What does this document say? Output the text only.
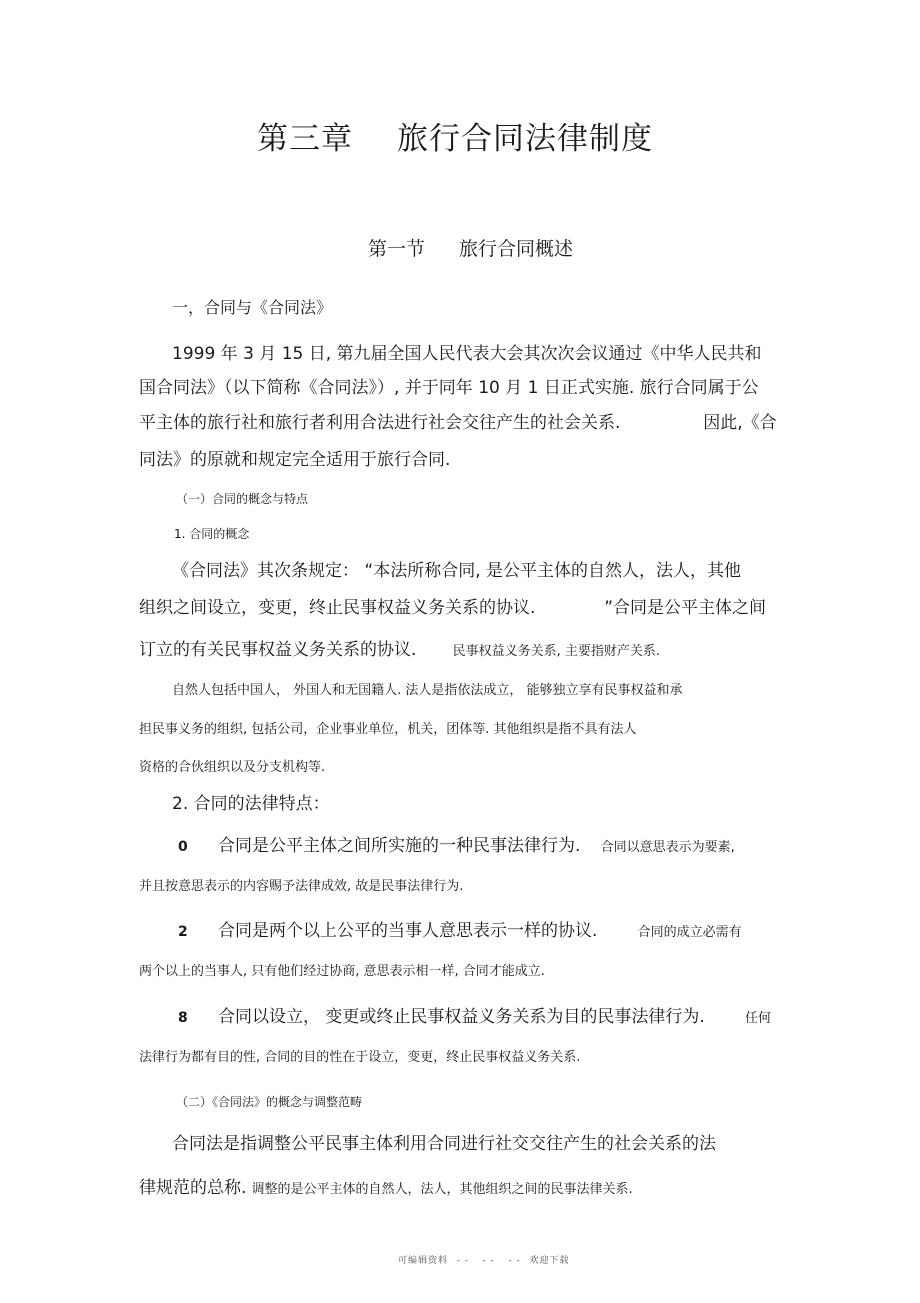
第三章 旅行合同法律制度
第一节 旅行合同概述
一，合同与《合同法》
1999 年 3 月 15 日, 第九届全国人民代表大会其次次会议通过《中华人民共和
国合同法》（以下简称《合同法》）, 并于同年 10 月 1 日正式实施. 旅行合同属于公
平主体的旅行社和旅行者利用合法进行社会交往产生的社会关系.	因此,《合
同法》的原就和规定完全适用于旅行合同.
（一）合同的概念与特点
1. 合同的概念
《合同法》其次条规定： “本法所称合同, 是公平主体的自然人，法人，其他
组织之间设立，变更，终止民事权益义务关系的协议.	”合同是公平主体之间
订立的有关民事权益义务关系的协议.	民事权益义务关系, 主要指财产关系.
自然人包括中国人， 外国人和无国籍人. 法人是指依法成立， 能够独立享有民事权益和承
担民事义务的组织, 包括公司，企业事业单位，机关，团体等. 其他组织是指不具有法人
资格的合伙组织以及分支机构等.
2. 合同的法律特点：
0 合同是公平主体之间所实施的一种民事法律行为. 合同以意思表示为要素,
并且按意思表示的内容赐予法律成效, 故是民事法律行为.
2 合同是两个以上公平的当事人意思表示一样的协议.	合同的成立必需有
两个以上的当事人, 只有他们经过协商, 意思表示相一样, 合同才能成立.
8 合同以设立， 变更或终止民事权益义务关系为目的民事法律行为.	任何
法律行为都有目的性, 合同的目的性在于设立，变更，终止民事权益义务关系.
（二）《合同法》的概念与调整范畴
合同法是指调整公平民事主体利用合同进行社交交往产生的社会关系的法
律规范的总称. 调整的是公平主体的自然人，法人，其他组织之间的民事法律关系.
可编辑资料 - - - - - - 欢迎下载
